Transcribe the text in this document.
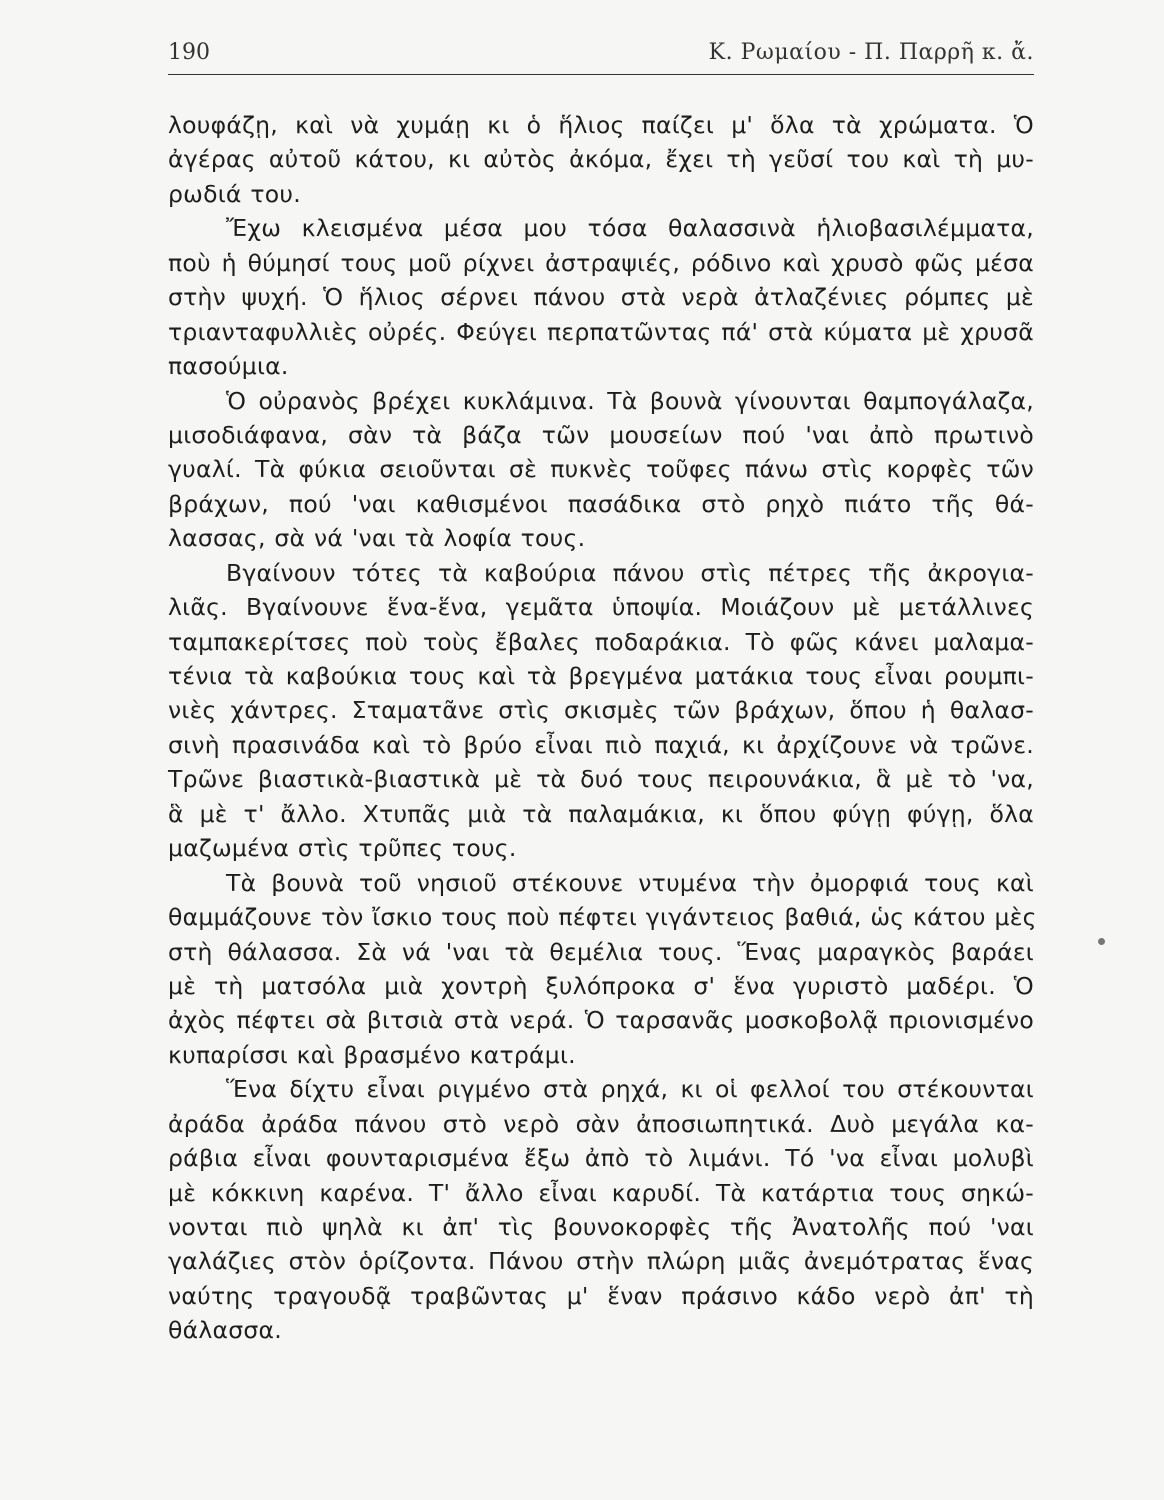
190	Κ. Ρωμαίου - Π. Παρρῆ κ. ἄ.
λουφάζῃ, καὶ νὰ χυμάῃ κι ὁ ἥλιος παίζει μ' ὅλα τὰ χρώματα. Ὁ
ἀγέρας αὐτοῦ κάτου, κι αὐτὸς ἀκόμα, ἔχει τὴ γεῦσί του καὶ τὴ μυ-
ρωδιά του.
Ἔχω κλεισμένα μέσα μου τόσα θαλασσινὰ ἡλιοβασιλέμματα,
ποὺ ἡ θύμησί τους μοῦ ρίχνει ἀστραψιές, ρόδινο καὶ χρυσὸ φῶς μέσα
στὴν ψυχή. Ὁ ἥλιος σέρνει πάνου στὰ νερὰ ἀτλαζένιες ρόμπες μὲ
τριανταφυλλιὲς οὐρές. Φεύγει περπατῶντας πά' στὰ κύματα μὲ χρυσᾶ
πασούμια.
Ὁ οὐρανὸς βρέχει κυκλάμινα. Τὰ βουνὰ γίνουνται θαμπογάλαζα,
μισοδιάφανα, σὰν τὰ βάζα τῶν μουσείων πού 'ναι ἀπὸ πρωτινὸ
γυαλί. Τὰ φύκια σειοῦνται σὲ πυκνὲς τοῦφες πάνω στὶς κορφὲς τῶν
βράχων, πού 'ναι καθισμένοι πασάδικα στὸ ρηχὸ πιάτο τῆς θά-
λασσας, σὰ νά 'ναι τὰ λοφία τους.
Βγαίνουν τότες τὰ καβούρια πάνου στὶς πέτρες τῆς ἀκρογια-
λιᾶς. Βγαίνουνε ἕνα-ἕνα, γεμᾶτα ὑποψία. Μοιάζουν μὲ μετάλλινες
ταμπακερίτσες ποὺ τοὺς ἔβαλες ποδαράκια. Τὸ φῶς κάνει μαλαμα-
τένια τὰ καβούκια τους καὶ τὰ βρεγμένα ματάκια τους εἶναι ρουμπι-
νιὲς χάντρες. Σταματᾶνε στὶς σκισμὲς τῶν βράχων, ὅπου ἡ θαλασ-
σινὴ πρασινάδα καὶ τὸ βρύο εἶναι πιὸ παχιά, κι ἀρχίζουνε νὰ τρῶνε.
Τρῶνε βιαστικὰ-βιαστικὰ μὲ τὰ δυό τους πειρουνάκια, ἃ μὲ τὸ 'να,
ἃ μὲ τ' ἄλλο. Χτυπᾶς μιὰ τὰ παλαμάκια, κι ὅπου φύγῃ φύγῃ, ὅλα
μαζωμένα στὶς τρῦπες τους.
Τὰ βουνὰ τοῦ νησιοῦ στέκουνε ντυμένα τὴν ὀμορφιά τους καὶ
θαμμάζουνε τὸν ἴσκιο τους ποὺ πέφτει γιγάντειος βαθιά, ὡς κάτου μὲς
στὴ θάλασσα. Σὰ νά 'ναι τὰ θεμέλια τους. Ἕνας μαραγκὸς βαράει
μὲ τὴ ματσόλα μιὰ χοντρὴ ξυλόπροκα σ' ἕνα γυριστὸ μαδέρι. Ὁ
ἀχὸς πέφτει σὰ βιτσιὰ στὰ νερά. Ὁ ταρσανᾶς μοσκοβολᾷ πριονισμένο
κυπαρίσσι καὶ βρασμένο κατράμι.
Ἕνα δίχτυ εἶναι ριγμένο στὰ ρηχά, κι οἱ φελλοί του στέκουνται
ἀράδα ἀράδα πάνου στὸ νερὸ σὰν ἀποσιωπητικά. Δυὸ μεγάλα κα-
ράβια εἶναι φουνταρισμένα ἔξω ἀπὸ τὸ λιμάνι. Τό 'να εἶναι μολυβὶ
μὲ κόκκινη καρένα. Τ' ἄλλο εἶναι καρυδί. Τὰ κατάρτια τους σηκώ-
νονται πιὸ ψηλὰ κι ἀπ' τὶς βουνοκορφὲς τῆς Ἀνατολῆς πού 'ναι
γαλάζιες στὸν ὁρίζοντα. Πάνου στὴν πλώρη μιᾶς ἀνεμότρατας ἕνας
ναύτης τραγουδᾷ τραβῶντας μ' ἕναν πράσινο κάδο νερὸ ἀπ' τὴ
θάλασσα.
